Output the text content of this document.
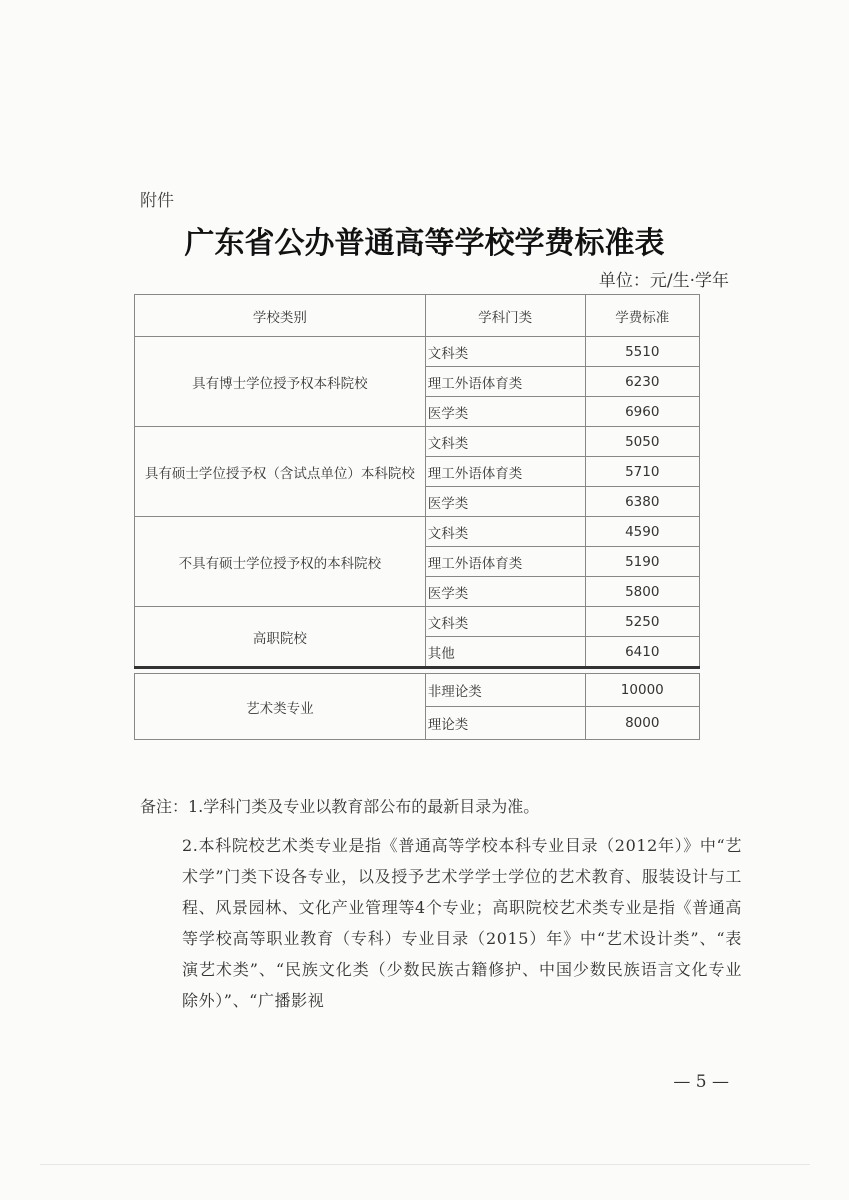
附件
广东省公办普通高等学校学费标准表
单位：元/生·学年
学校类别	学科门类	学费标准
具有博士学位授予权本科院校	文科类	5510
	理工外语体育类	6230
	医学类	6960
具有硕士学位授予权（含试点单位）本科院校	文科类	5050
	理工外语体育类	5710
	医学类	6380
不具有硕士学位授予权的本科院校	文科类	4590
	理工外语体育类	5190
	医学类	5800
高职院校	文科类	5250
	其他	6410

艺术类专业	非理论类	10000
	理论类	8000
备注：1.学科门类及专业以教育部公布的最新目录为准。
2.本科院校艺术类专业是指《普通高等学校本科专业目录（2012年）》中“艺术学”门类下设各专业，以及授予艺术学学士学位的艺术教育、服装设计与工程、风景园林、文化产业管理等4个专业；高职院校艺术类专业是指《普通高等学校高等职业教育（专科）专业目录（2015）年》中“艺术设计类”、“表演艺术类”、“民族文化类（少数民族古籍修护、中国少数民族语言文化专业除外）”、“广播影视
— 5 —
